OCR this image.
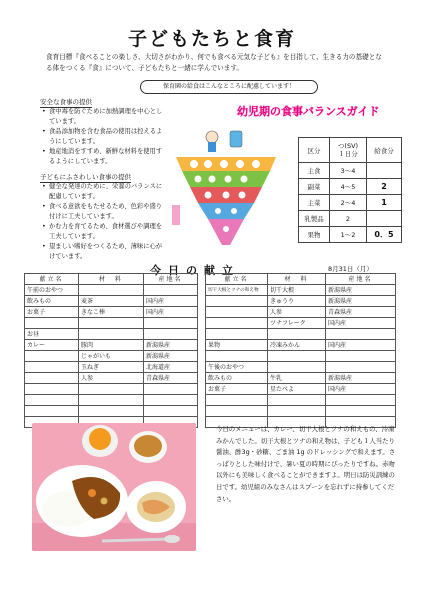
子どもたちと食育
食育目標『食べることの楽しさ、大切さがわかり、何でも食べる元気な子ども』を目指して、生きる力の基礎となる体をつくる『食』について、子どもたちと一緒に学んでいます。
保育園の給食はこんなところに配慮しています！
安全な食事の提供
• 食中毒を防ぐために加熱調理を中心としています。
• 食品添加物を含む食品の使用は控えるようにしています。
• 地産地消をすすめ、新鮮な材料を使用するようにしています。
子どもにふさわしい食事の提供
• 健全な発達のために、栄養のバランスに配慮しています。
• 食べる意欲をもたせるため、色彩や盛り付けに工夫しています。
• かむ力を育てるため、食材選びや調理を工夫しています。
• 望ましい嗜好をつくるため、薄味に心がけています。
幼児期の食事バランスガイド
区分	つ(SV)
１日分	給食分
主食	3～4	
副菜	4～5	2
主菜	2～4	1
乳製品	2	
果物	1～2	0．5
今日の献立	8月31日（月）
献立名	材　料	産地名		献立名	材　料	産地名
午前のおやつ				切干大根とツナの和え物	切干大根	新潟県産
飲みもの	麦茶	国内産			きゅうり	新潟県産
お菓子	きなこ棒	国内産			人参	青森県産
					ツナフレーク	国内産
お昼						
カレー	豚肉	新潟県産		果物	冷凍みかん	国内産
	じゃがいも	新潟県産				
	玉ねぎ	北海道産		午後のおやつ		
	人参	青森県産		飲みもの	牛乳	新潟県産
				お菓子	星たべよ	国内産

今日のメニューは、カレー、切干大根とツナの和えもの、冷凍みかんでした。切干大根とツナの和え物は、子ども１人当たり醤油、酢3g・砂糖、ごま油 1g のドレッシングで和えます。さっぱりとした味付けで、暑い夏の時期にぴったりですね。赤吻以外にも美味しく食べることができますよ。明日は防災訓練の日です。幼児組のみなさんはスプーンを忘れずに持参してください。
